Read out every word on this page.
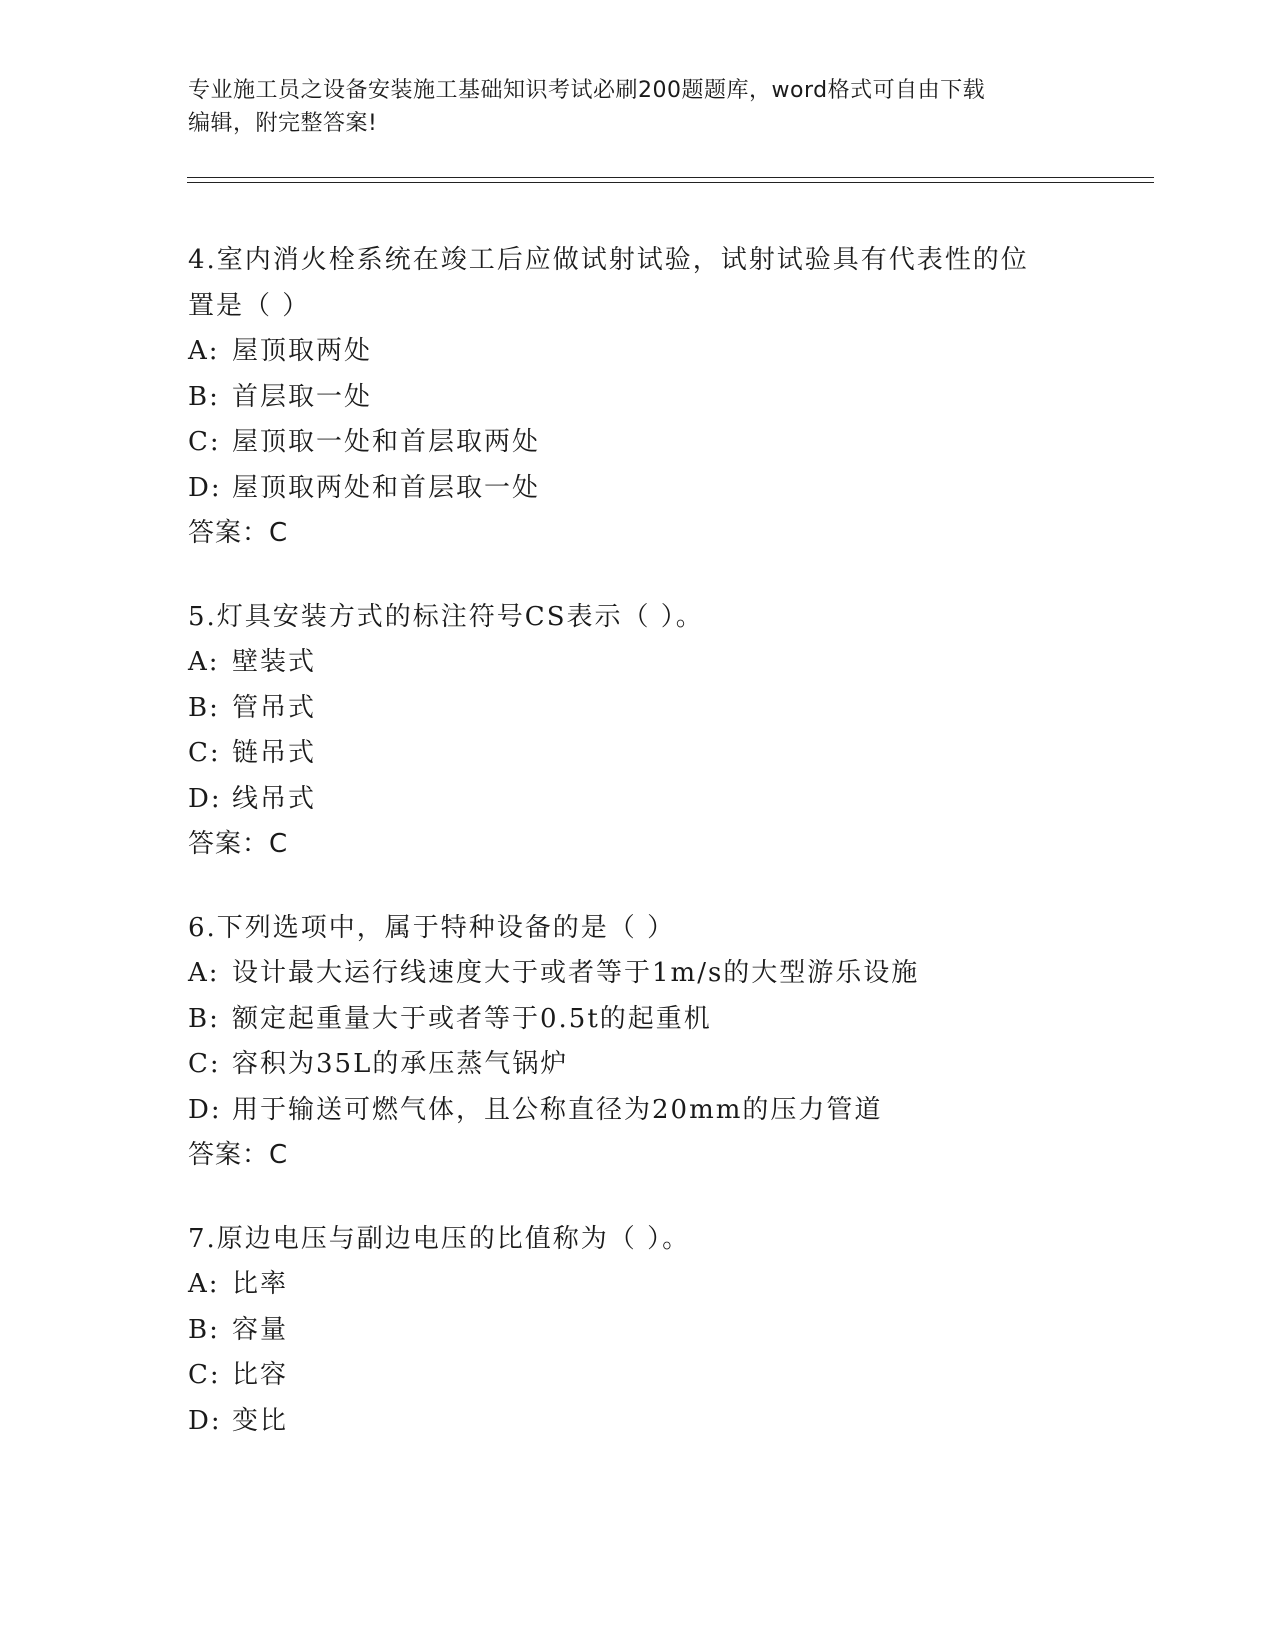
专业施工员之设备安装施工基础知识考试必刷200题题库，word格式可自由下载
编辑，附完整答案!
4.室内消火栓系统在竣工后应做试射试验，试射试验具有代表性的位
置是（ ）
A: 屋顶取两处
B: 首层取一处
C: 屋顶取一处和首层取两处
D: 屋顶取两处和首层取一处
答案：C
5.灯具安装方式的标注符号CS表示（ ）。
A: 壁装式
B: 管吊式
C: 链吊式
D: 线吊式
答案：C
6.下列选项中，属于特种设备的是（ ）
A: 设计最大运行线速度大于或者等于1m/s的大型游乐设施
B: 额定起重量大于或者等于0.5t的起重机
C: 容积为35L的承压蒸气锅炉
D: 用于输送可燃气体，且公称直径为20mm的压力管道
答案：C
7.原边电压与副边电压的比值称为（ ）。
A: 比率
B: 容量
C: 比容
D: 变比
